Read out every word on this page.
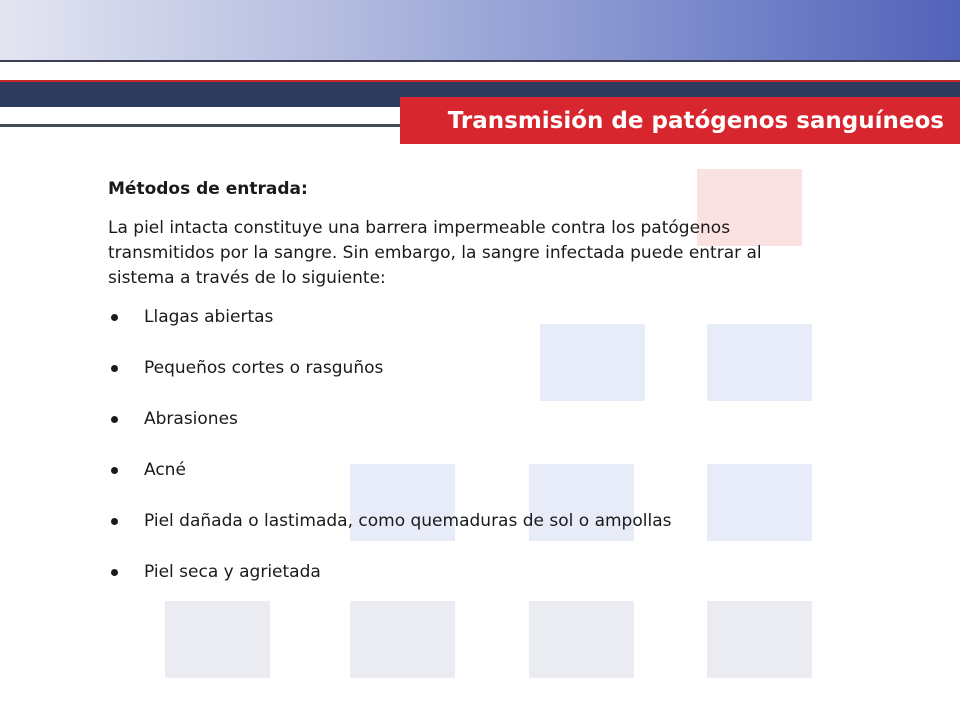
Transmisión de patógenos sanguíneos

Métodos de entrada:

La piel intacta constituye una barrera impermeable contra los patógenos transmitidos por la sangre. Sin embargo, la sangre infectada puede entrar al sistema a través de lo siguiente:

Llagas abiertas
Pequeños cortes o rasguños
Abrasiones
Acné
Piel dañada o lastimada, como quemaduras de sol o ampollas
Piel seca y agrietada
